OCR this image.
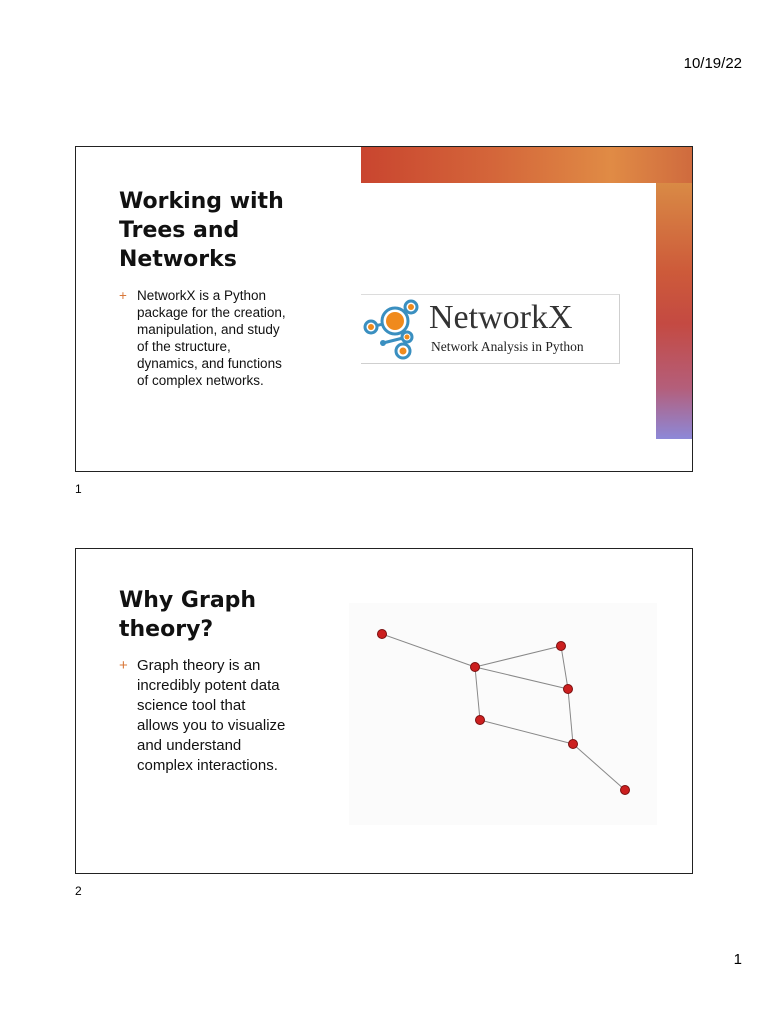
10/19/22
Working with
Trees and
Networks
+ NetworkX is a Python
package for the creation,
manipulation, and study
of the structure,
dynamics, and functions
of complex networks.
NetworkX
Network Analysis in Python
1
Why Graph
theory?
+ Graph theory is an
incredibly potent data
science tool that
allows you to visualize
and understand
complex interactions.
2
1
